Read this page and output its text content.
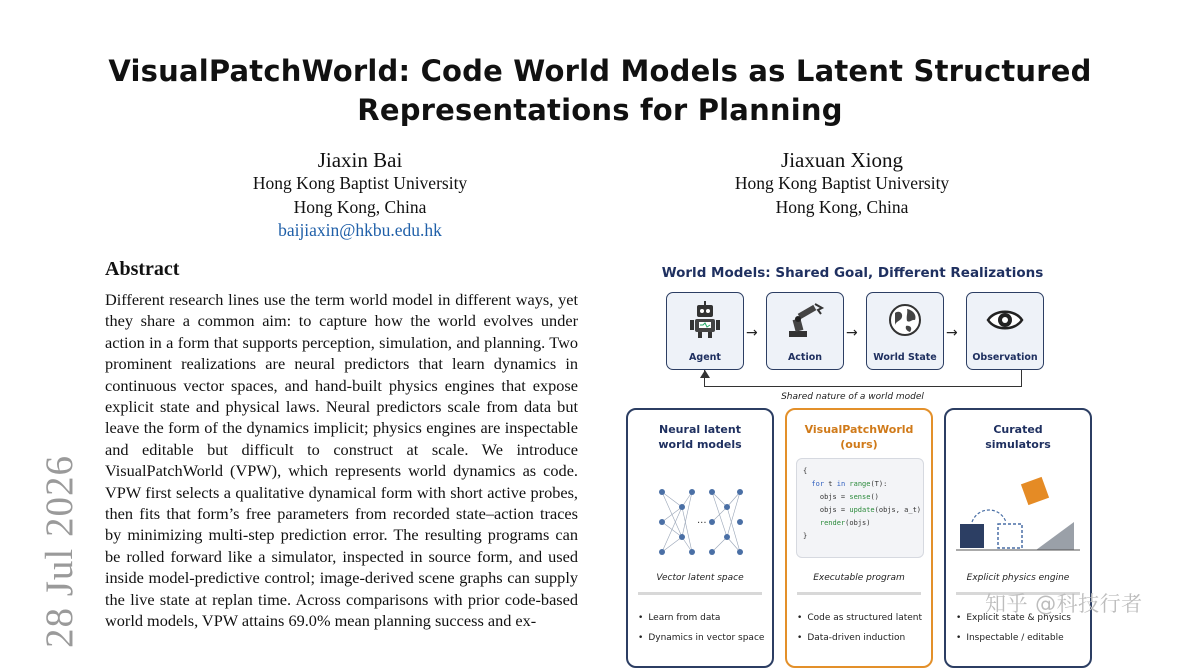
VisualPatchWorld: Code World Models as Latent Structured
Representations for Planning
Jiaxin Bai
Hong Kong Baptist University
Hong Kong, China
baijiaxin@hkbu.edu.hk
Jiaxuan Xiong
Hong Kong Baptist University
Hong Kong, China
28 Jul 2026
Abstract
Different research lines use the term world model in different ways, yet they share a common aim: to capture how the world evolves under action in a form that supports perception, simulation, and planning. Two prominent realizations are neural predictors that learn dynamics in continuous vector spaces, and hand-built physics engines that expose explicit state and physical laws. Neural predictors scale from data but leave the form of the dynamics implicit; physics engines are inspectable and editable but difficult to construct at scale. We introduce VisualPatchWorld (VPW), which represents world dynamics as code. VPW first selects a qualitative dynamical form with short active probes, then fits that form’s free parameters from recorded state–action traces by minimizing multi-step prediction error. The resulting programs can be rolled forward like a simulator, inspected in source form, and used inside model-predictive control; image-derived scene graphs can supply the live state at replan time. Across comparisons with prior code-based world models, VPW attains 69.0% mean planning success and ex-
World Models: Shared Goal, Different Realizations
Agent
→
Action
→
World State
→
Observation
Shared nature of a world model
Neural latent
world models
···
Vector latent space
• Learn from data
• Dynamics in vector space
VisualPatchWorld
(ours)
{
for t in range(T):
objs = sense()
objs = update(objs, a_t)
render(objs)
}
Executable program
• Code as structured latent
• Data-driven induction
Curated
simulators
Explicit physics engine
• Explicit state & physics
• Inspectable / editable
知乎 @科技行者
